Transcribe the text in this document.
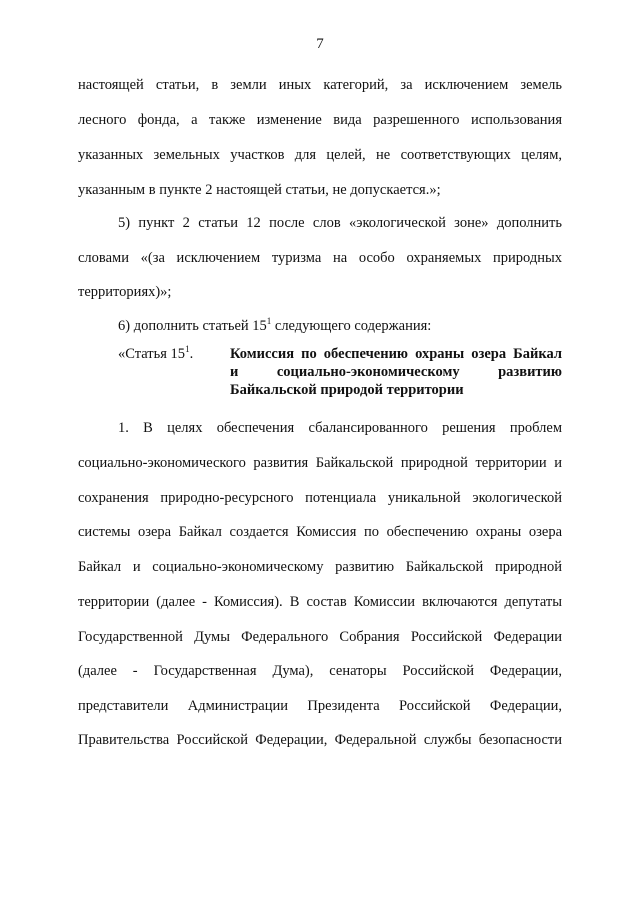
7
настоящей статьи, в земли иных категорий, за исключением земель
лесного фонда, а также изменение вида разрешенного использования
указанных земельных участков для целей, не соответствующих целям,
указанным в пункте 2 настоящей статьи, не допускается.»;
5) пункт 2 статьи 12 после слов «экологической зоне» дополнить
словами «(за исключением туризма на особо охраняемых природных
территориях)»;
6) дополнить статьей $15^1$ следующего содержания:
«Статья $15^1$.	Комиссия по обеспечению охраны озера Байкал
и социально-экономическому развитию
Байкальской природой территории
1. В целях обеспечения сбалансированного решения проблем
социально-экономического развития Байкальской природной территории и
сохранения природно-ресурсного потенциала уникальной экологической
системы озера Байкал создается Комиссия по обеспечению охраны озера
Байкал и социально-экономическому развитию Байкальской природной
территории (далее - Комиссия). В состав Комиссии включаются депутаты
Государственной Думы Федерального Собрания Российской Федерации
(далее - Государственная Дума), сенаторы Российской Федерации,
представители Администрации Президента Российской Федерации,
Правительства Российской Федерации, Федеральной службы безопасности
